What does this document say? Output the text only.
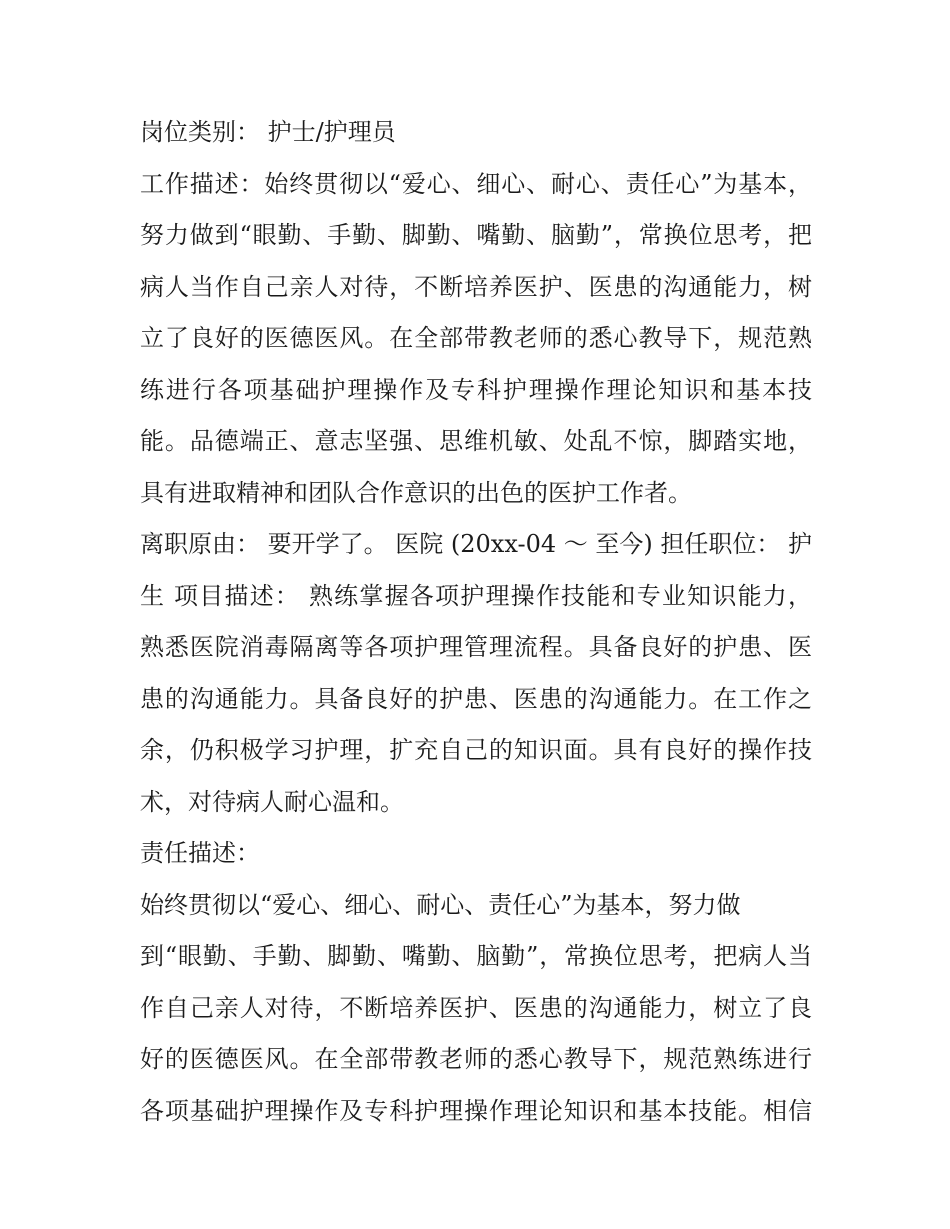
岗位类别： 护士/护理员
工作描述：始终贯彻以“爱心、细心、耐心、责任心”为基本，
努力做到“眼勤、手勤、脚勤、嘴勤、脑勤”，常换位思考，把
病人当作自己亲人对待，不断培养医护、医患的沟通能力，树
立了良好的医德医风。在全部带教老师的悉心教导下，规范熟
练进行各项基础护理操作及专科护理操作理论知识和基本技
能。品德端正、意志坚强、思维机敏、处乱不惊，脚踏实地，
具有进取精神和团队合作意识的出色的医护工作者。
离职原由： 要开学了。 医院 (20xx-04 ～ 至今) 担任职位： 护
生 项目描述： 熟练掌握各项护理操作技能和专业知识能力，
熟悉医院消毒隔离等各项护理管理流程。具备良好的护患、医
患的沟通能力。具备良好的护患、医患的沟通能力。在工作之
余，仍积极学习护理，扩充自己的知识面。具有良好的操作技
术，对待病人耐心温和。
责任描述：
始终贯彻以“爱心、细心、耐心、责任心”为基本，努力做
到“眼勤、手勤、脚勤、嘴勤、脑勤”，常换位思考，把病人当
作自己亲人对待，不断培养医护、医患的沟通能力，树立了良
好的医德医风。在全部带教老师的悉心教导下，规范熟练进行
各项基础护理操作及专科护理操作理论知识和基本技能。相信
